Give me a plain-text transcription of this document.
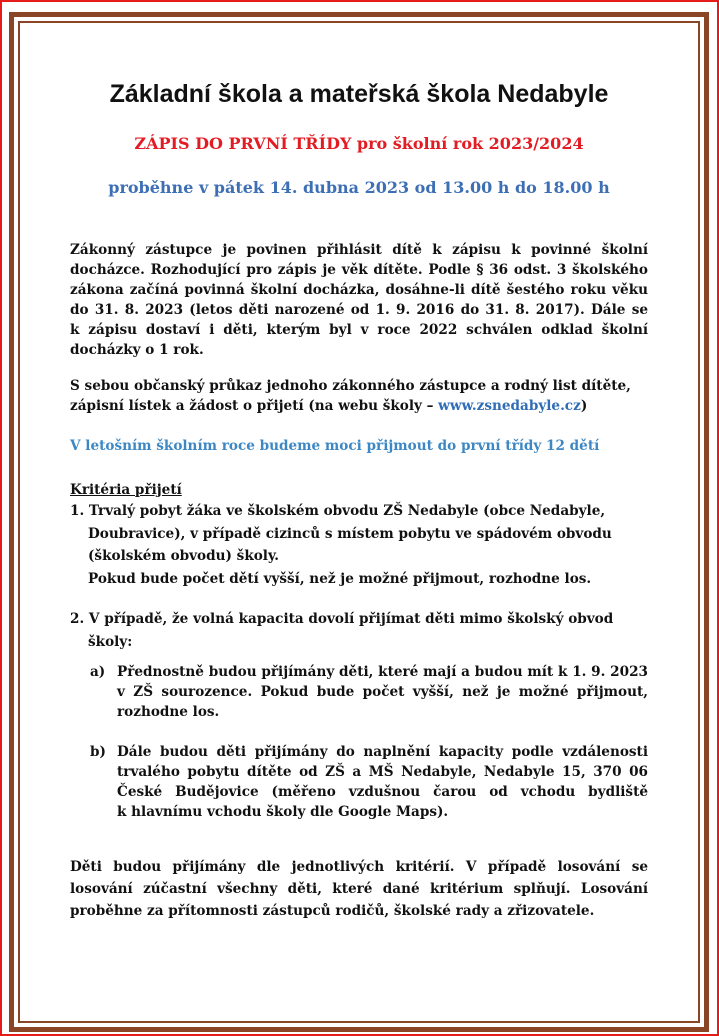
Základní škola a mateřská škola Nedabyle

ZÁPIS DO PRVNÍ TŘÍDY pro školní rok 2023/2024

proběhne v pátek 14. dubna 2023 od 13.00 h do 18.00 h

Zákonný zástupce je povinen přihlásit dítě k zápisu k povinné školní
docházce. Rozhodující pro zápis je věk dítěte. Podle § 36 odst. 3 školského
zákona začíná povinná školní docházka, dosáhne-li dítě šestého roku věku
do 31. 8. 2023 (letos děti narozené od 1. 9. 2016 do 31. 8. 2017). Dále se
k zápisu dostaví i děti, kterým byl v roce 2022 schválen odklad školní
docházky o 1 rok.
S sebou občanský průkaz jednoho zákonného zástupce a rodný list dítěte,
zápisní lístek a žádost o přijetí (na webu školy – www.zsnedabyle.cz)
V letošním školním roce budeme moci přijmout do první třídy 12 dětí
Kritéria přijetí
1. Trvalý pobyt žáka ve školském obvodu ZŠ Nedabyle (obce Nedabyle,
Doubravice), v případě cizinců s místem pobytu ve spádovém obvodu
(školském obvodu) školy.
Pokud bude počet dětí vyšší, než je možné přijmout, rozhodne los.
2. V případě, že volná kapacita dovolí přijímat děti mimo školský obvod
školy:
a) Přednostně budou přijímány děti, které mají a budou mít k 1. 9. 2023
v ZŠ sourozence. Pokud bude počet vyšší, než je možné přijmout,
rozhodne los.
b) Dále budou děti přijímány do naplnění kapacity podle vzdálenosti
trvalého pobytu dítěte od ZŠ a MŠ Nedabyle, Nedabyle 15, 370 06
České Budějovice (měřeno vzdušnou čarou od vchodu bydliště
k hlavnímu vchodu školy dle Google Maps).
Děti budou přijímány dle jednotlivých kritérií. V případě losování se
losování zúčastní všechny děti, které dané kritérium splňují. Losování
proběhne za přítomnosti zástupců rodičů, školské rady a zřizovatele.
